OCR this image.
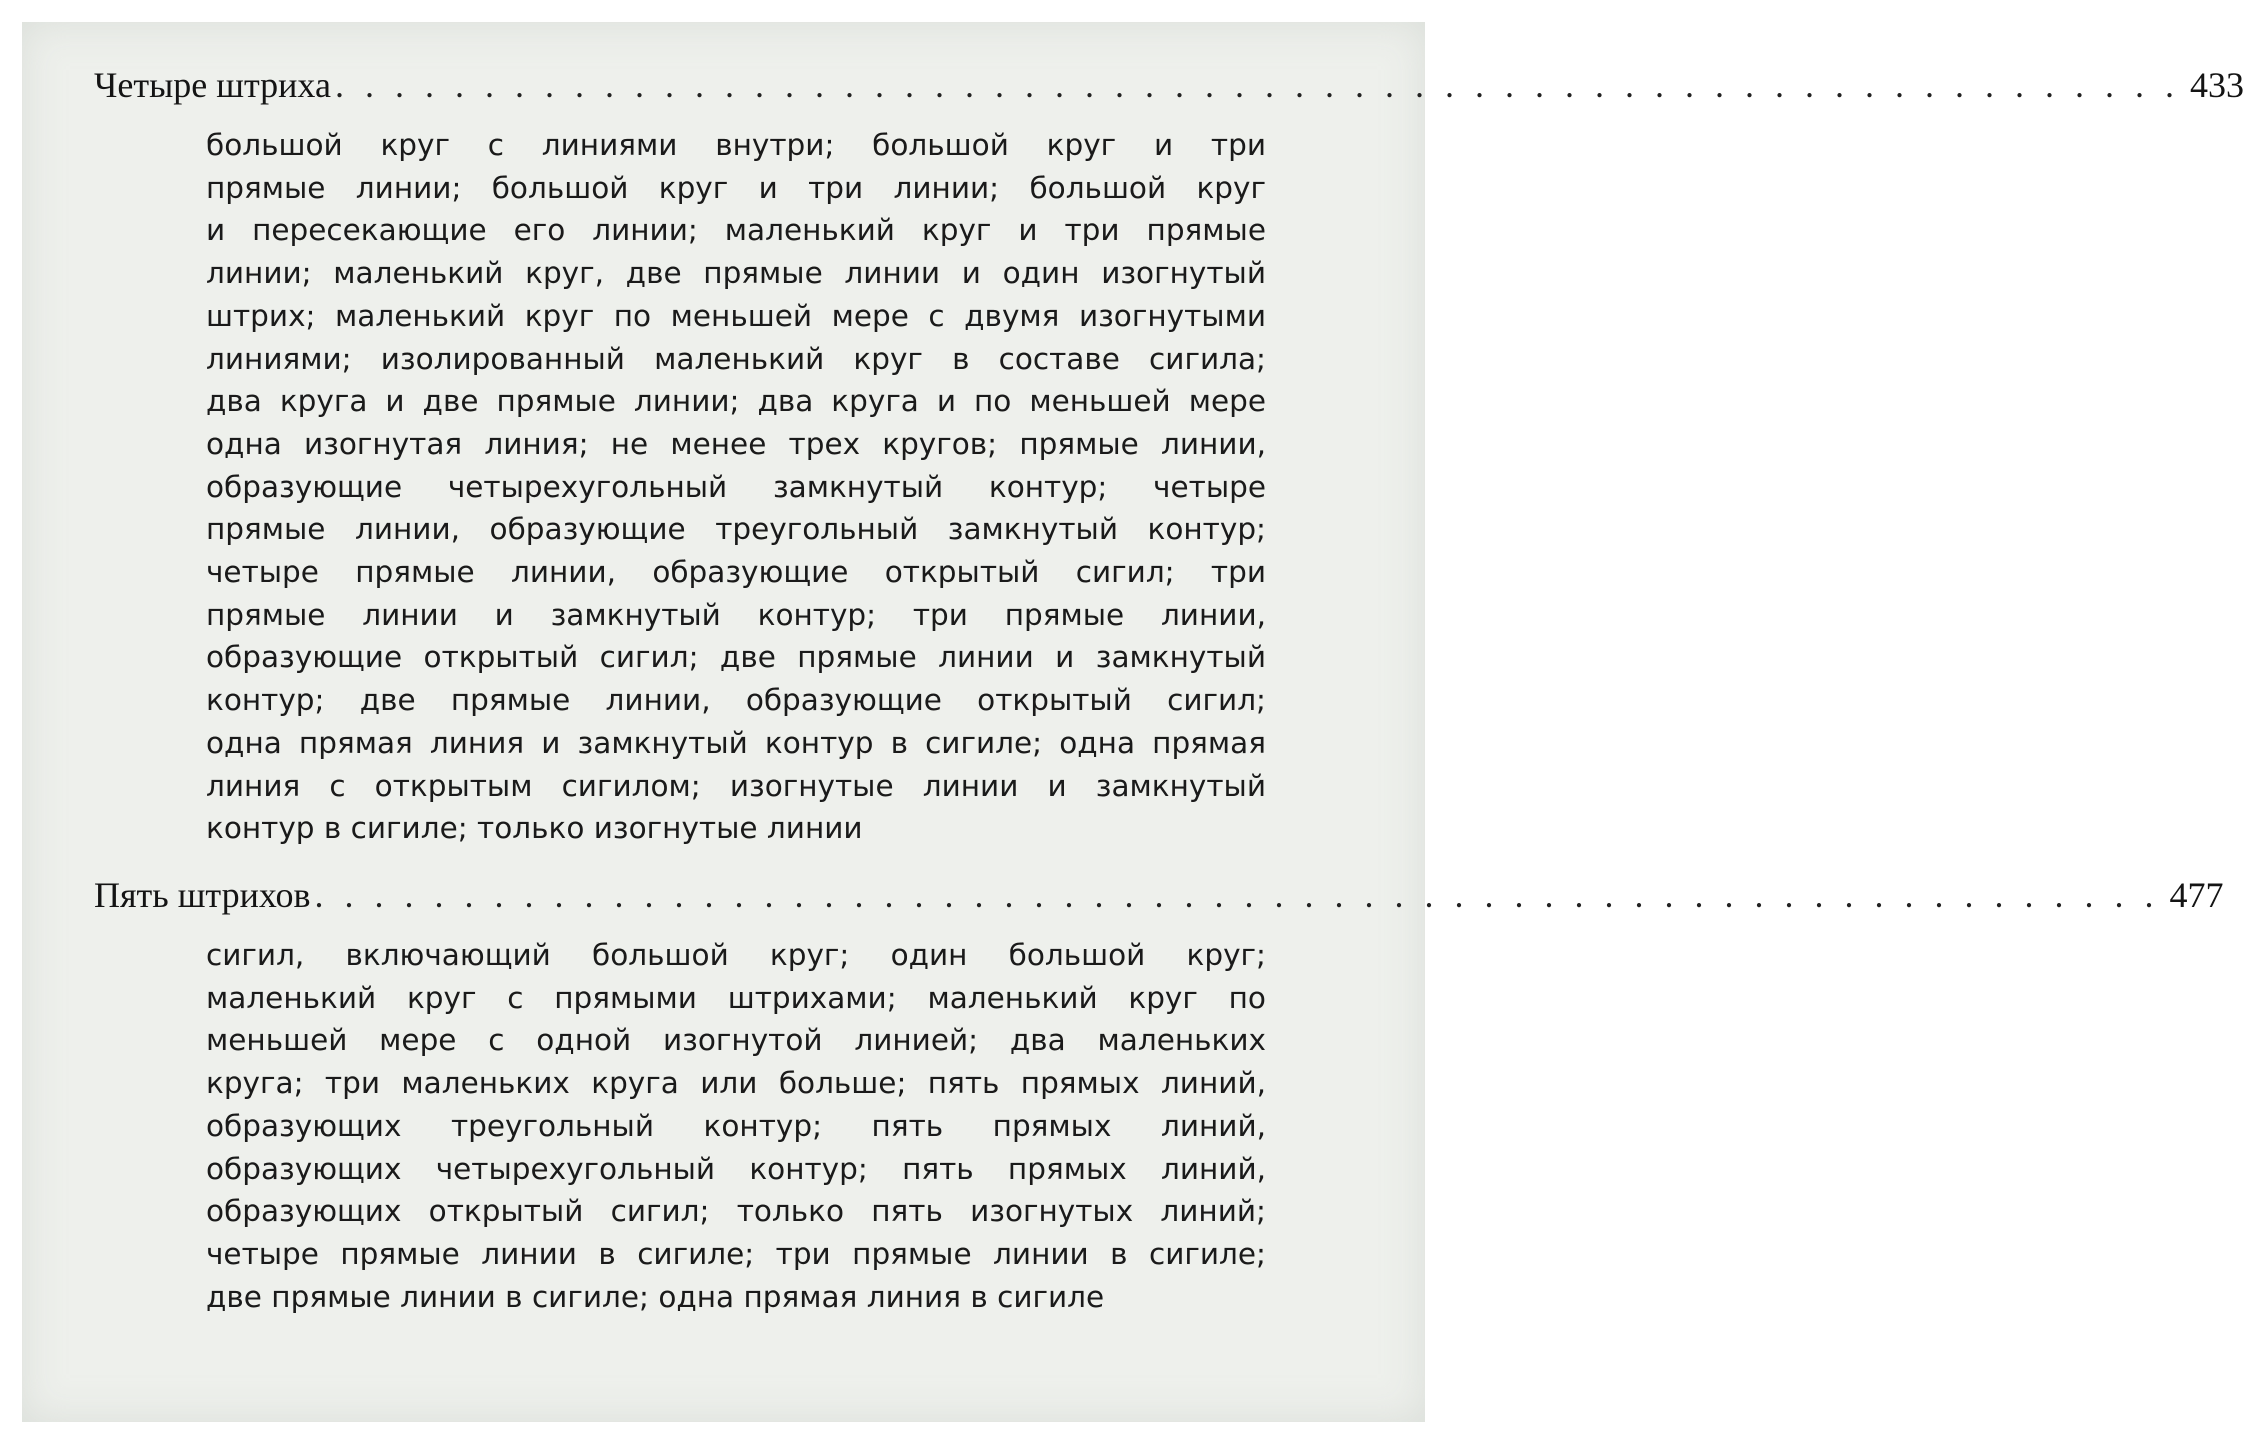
Четыре штриха . . . . . . . . . . . . . . . . . . . . . . . . . . . . . . . . . . . . . . . . . . . . . . . . . . . . . . . . . . . . . . 433
большой круг с линиями внутри; большой круг и три
прямые линии; большой круг и три линии; большой круг
и пересекающие его линии; маленький круг и три прямые
линии; маленький круг, две прямые линии и один изогнутый
штрих; маленький круг по меньшей мере с двумя изогнутыми
линиями; изолированный маленький круг в составе сигила;
два круга и две прямые линии; два круга и по меньшей мере
одна изогнутая линия; не менее трех кругов; прямые линии,
образующие четырехугольный замкнутый контур; четыре
прямые линии, образующие треугольный замкнутый контур;
четыре прямые линии, образующие открытый сигил; три
прямые линии и замкнутый контур; три прямые линии,
образующие открытый сигил; две прямые линии и замкнутый
контур; две прямые линии, образующие открытый сигил;
одна прямая линия и замкнутый контур в сигиле; одна прямая
линия с открытым сигилом; изогнутые линии и замкнутый
контур в сигиле; только изогнутые линии
Пять штрихов . . . . . . . . . . . . . . . . . . . . . . . . . . . . . . . . . . . . . . . . . . . . . . . . . . . . . . . . . . . . . . 477
сигил, включающий большой круг; один большой круг;
маленький круг с прямыми штрихами; маленький круг по
меньшей мере с одной изогнутой линией; два маленьких
круга; три маленьких круга или больше; пять прямых линий,
образующих треугольный контур; пять прямых линий,
образующих четырехугольный контур; пять прямых линий,
образующих открытый сигил; только пять изогнутых линий;
четыре прямые линии в сигиле; три прямые линии в сигиле;
две прямые линии в сигиле; одна прямая линия в сигиле
